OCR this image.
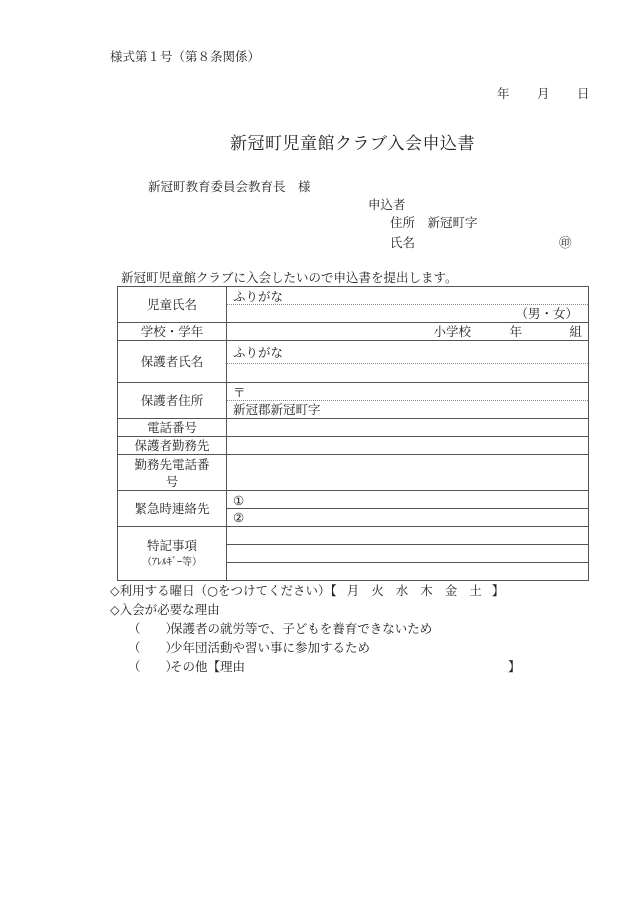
様式第１号（第８条関係）
年 月 日
新冠町児童館クラブ入会申込書
新冠町教育委員会教育長　様
申込者
住所　新冠町字
氏名	㊞
新冠町児童館クラブに入会したいので申込書を提出します。
児童氏名	ふりがな
（男・女）

学校・学年	小学校 年 組

保護者氏名	ふりがな

保護者住所	〒
新冠郡新冠町字

電話番号	
保護者勤務先	

勤務先電話番
号	

緊急時連絡先	①
②

特記事項
（ｱﾚﾙｷﾞｰ等）	

◇利用する曜日（○をつけてください）【 月 火 水 木 金 土 】
◇入会が必要な理由
（　　） 保護者の就労等で、子どもを養育できないため
（　　） 少年団活動や習い事に参加するため
（　　） その他【理由	】
